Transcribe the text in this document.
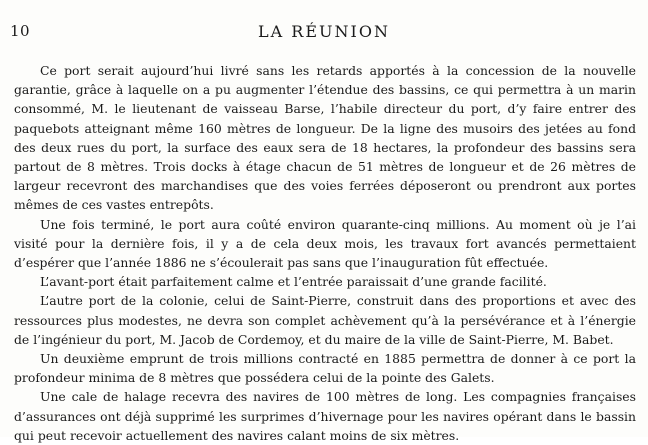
10	LA RÉUNION

Ce port serait aujourd’hui livré sans les retards apportés à la concession de la nouvelle garantie, grâce à laquelle on a pu augmenter l’étendue des bassins, ce qui permettra à un marin consommé, M. le lieutenant de vaisseau Barse, l’habile directeur du port, d’y faire entrer des paquebots atteignant même 160 mètres de longueur. De la ligne des musoirs des jetées au fond des deux rues du port, la surface des eaux sera de 18 hectares, la profondeur des bassins sera partout de 8 mètres. Trois docks à étage chacun de 51 mètres de longueur et de 26 mètres de largeur recevront des marchandises que des voies ferrées déposeront ou prendront aux portes mêmes de ces vastes entrepôts.

Une fois terminé, le port aura coûté environ quarante-cinq millions. Au moment où je l’ai visité pour la dernière fois, il y a de cela deux mois, les travaux fort avancés permettaient d’espérer que l’année 1886 ne s’écoulerait pas sans que l’inauguration fût effectuée.

L’avant-port était parfaitement calme et l’entrée paraissait d’une grande facilité.

L’autre port de la colonie, celui de Saint-Pierre, construit dans des proportions et avec des ressources plus modestes, ne devra son complet achèvement qu’à la persévérance et à l’énergie de l’ingénieur du port, M. Jacob de Cordemoy, et du maire de la ville de Saint-Pierre, M. Babet.

Un deuxième emprunt de trois millions contracté en 1885 permettra de donner à ce port la profondeur minima de 8 mètres que possédera celui de la pointe des Galets.

Une cale de halage recevra des navires de 100 mètres de long. Les compagnies françaises d’assurances ont déjà supprimé les surprimes d’hivernage pour les navires opérant dans le bassin qui peut recevoir actuellement des navires calant moins de six mètres.
